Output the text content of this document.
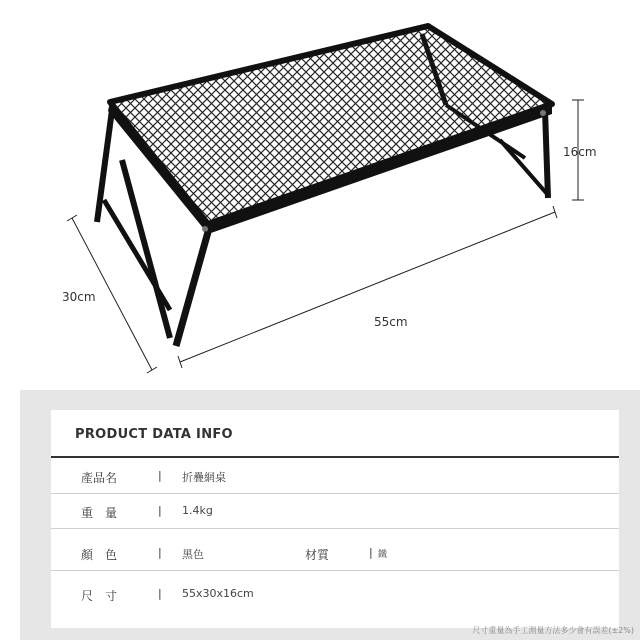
16cm
30cm
55cm
PRODUCT DATA INFO
產品名	| 折疊網桌
重　量	| 1.4kg
顏　色	| 黑色	材質	| 鐵
尺　寸	| 55x30x16cm
尺寸重量為手工測量方法多少會有誤差(±2%)
